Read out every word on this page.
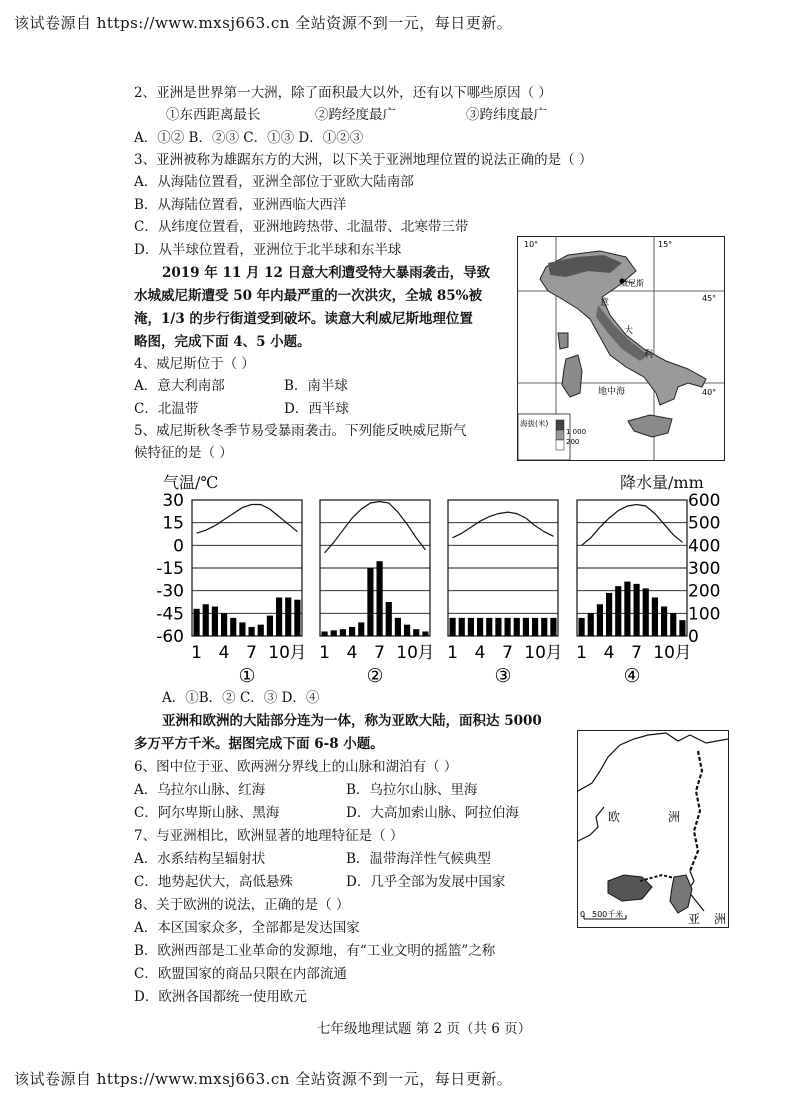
该试卷源自 https://www.mxsj663.cn 全站资源不到一元，每日更新。
2、亚洲是世界第一大洲，除了面积最大以外，还有以下哪些原因（ ）
①东西距离最长	②跨经度最广	③跨纬度最广
A．①② B．②③ C．①③ D．①②③
3、亚洲被称为雄踞东方的大洲，以下关于亚洲地理位置的说法正确的是（ ）
A．从海陆位置看，亚洲全部位于亚欧大陆南部
B．从海陆位置看，亚洲西临大西洋
C．从纬度位置看，亚洲地跨热带、北温带、北寒带三带
D．从半球位置看，亚洲位于北半球和东半球
2019 年 11 月 12 日意大利遭受特大暴雨袭击，导致
水城威尼斯遭受 50 年内最严重的一次洪灾，全城 85%被
淹，1/3 的步行街道受到破坏。读意大利威尼斯地理位置
略图，完成下面 4、5 小题。
4、威尼斯位于（ ）
A．意大利南部	B．南半球
C．北温带	D．西半球
5、威尼斯秋冬季节易受暴雨袭击。下列能反映威尼斯气
候特征的是（ ）
10°	15°
45°
40°
威尼斯
意
大
利
地中海
海拔(米)
1 000
200
气温/℃	降水量/mm
30
15
0
-15
-30
-45
-60
600
500
400
300
200
100
0
1 4 7 10 月
①
1 4 7 10 月
②
1 4 7 10 月
③
1 4 7 10 月
④
A．①B．② C．③ D．④
亚洲和欧洲的大陆部分连为一体，称为亚欧大陆，面积达 5000
多万平方千米。据图完成下面 6-8 小题。
6、图中位于亚、欧两洲分界线上的山脉和湖泊有（ ）
A．乌拉尔山脉、红海	B．乌拉尔山脉、里海
C．阿尔卑斯山脉、黑海	D．大高加索山脉、阿拉伯海
7、与亚洲相比，欧洲显著的地理特征是（ ）
A．水系结构呈辐射状	B．温带海洋性气候典型
C．地势起伏大，高低悬殊	D．几乎全部为发展中国家
8、关于欧洲的说法，正确的是（ ）
A．本区国家众多，全部都是发达国家
B．欧洲西部是工业革命的发源地，有“工业文明的摇篮”之称
C．欧盟国家的商品只限在内部流通
D．欧洲各国都统一使用欧元
欧	洲
亚 洲
0 500千米
七年级地理试题 第 2 页（共 6 页）
该试卷源自 https://www.mxsj663.cn 全站资源不到一元，每日更新。
